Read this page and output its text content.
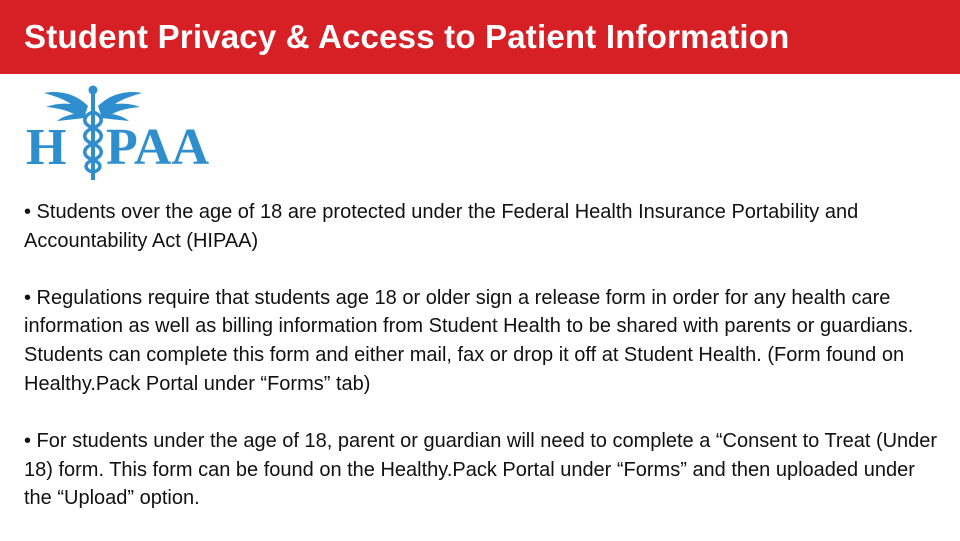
Student Privacy & Access to Patient Information
H PAA

• Students over the age of 18 are protected under the Federal Health Insurance Portability and Accountability Act (HIPAA)

• Regulations require that students age 18 or older sign a release form in order for any health care information as well as billing information from Student Health to be shared with parents or guardians. Students can complete this form and either mail, fax or drop it off at Student Health. (Form found on Healthy.Pack Portal under “Forms” tab)

• For students under the age of 18, parent or guardian will need to complete a “Consent to Treat (Under 18) form. This form can be found on the Healthy.Pack Portal under “Forms” and then uploaded under the “Upload” option.
